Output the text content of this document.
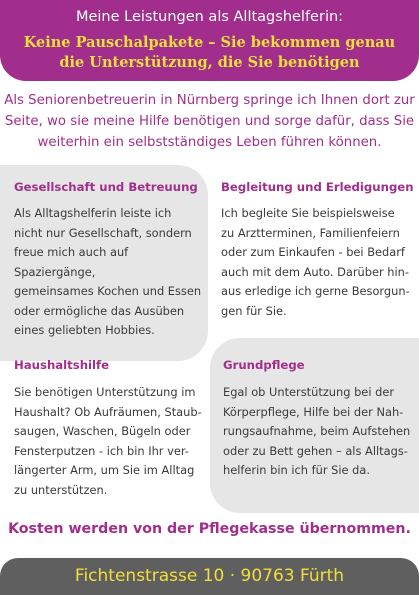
Meine Leistungen als Alltagshelferin:
Keine Pauschalpakete – Sie bekommen genau
die Unterstützung, die Sie benötigen
Als Seniorenbetreuerin in Nürnberg springe ich Ihnen dort zur Seite, wo sie meine Hilfe benötigen und sorge dafür, dass Sie weiterhin ein selbstständiges Leben führen können.
Gesellschaft und Betreuung

Als Alltagshelferin leiste ich
nicht nur Gesellschaft, sondern
freue mich auch auf Spaziergänge,
gemeinsames Kochen und Essen
oder ermögliche das Ausüben
eines geliebten Hobbies.

Begleitung und Erledigungen

Ich begleite Sie beispielsweise
zu Arztterminen, Familienfeiern
oder zum Einkaufen - bei Bedarf
auch mit dem Auto. Darüber hin-
aus erledige ich gerne Besorgun-
gen für Sie.

Haushaltshilfe

Sie benötigen Unterstützung im
Haushalt? Ob Aufräumen, Staub-
saugen, Waschen, Bügeln oder
Fensterputzen - ich bin Ihr ver-
längerter Arm, um Sie im Alltag
zu unterstützen.

Grundpflege

Egal ob Unterstützung bei der
Körperpflege, Hilfe bei der Nah-
rungsaufnahme, beim Aufstehen
oder zu Bett gehen – als Alltags-
helferin bin ich für Sie da.

Kosten werden von der Pflegekasse übernommen.
Fichtenstrasse 10 · 90763 Fürth
